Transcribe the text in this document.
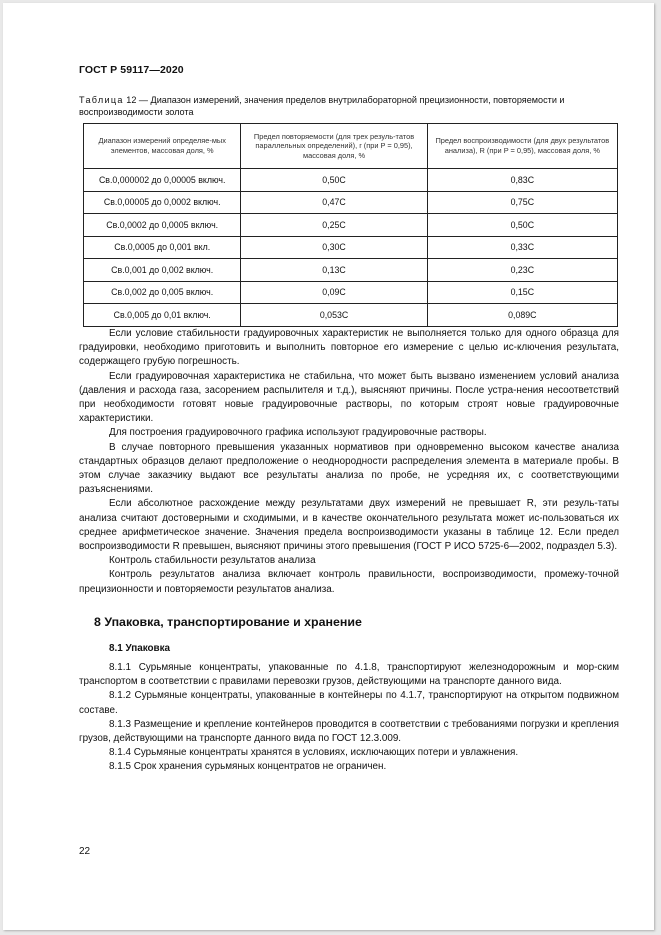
ГОСТ Р 59117—2020
Таблица 12 — Диапазон измерений, значения пределов внутрилабораторной прецизионности, повторяемости и воспроизводимости золота
Диапазон измерений определяе-мых элементов, массовая доля, %	Предел повторяемости (для трех резуль-татов параллельных определений), r (при P = 0,95), массовая доля, %	Предел воспроизводимости (для двух результатов анализа), R (при P = 0,95), массовая доля, %
Св.0,000002 до 0,00005 включ.	0,50С	0,83С
Св.0,00005 до 0,0002 включ.	0,47С	0,75С
Св.0,0002 до 0,0005 включ.	0,25С	0,50С
Св.0,0005 до 0,001 вкл.	0,30С	0,33С
Св.0,001 до 0,002 включ.	0,13С	0,23С
Св.0,002 до 0,005 включ.	0,09С	0,15С
Св.0,005 до 0,01 включ.	0,053С	0,089С

Если условие стабильности градуировочных характеристик не выполняется только для одного образца для градуировки, необходимо приготовить и выполнить повторное его измерение с целью ис-ключения результата, содержащего грубую погрешность.

Если градуировочная характеристика не стабильна, что может быть вызвано изменением условий анализа (давления и расхода газа, засорением распылителя и т.д.), выясняют причины. После устра-нения несоответствий при необходимости готовят новые градуировочные растворы, по которым строят новые градуировочные характеристики.

Для построения градуировочного графика используют градуировочные растворы.

В случае повторного превышения указанных нормативов при одновременно высоком качестве анализа стандартных образцов делают предположение о неоднородности распределения элемента в материале пробы. В этом случае заказчику выдают все результаты анализа по пробе, не усредняя их, с соответствующими разъяснениями.

Если абсолютное расхождение между результатами двух измерений не превышает R, эти резуль-таты анализа считают достоверными и сходимыми, и в качестве окончательного результата может ис-пользоваться их среднее арифметическое значение. Значения предела воспроизводимости указаны в таблице 12. Если предел воспроизводимости R превышен, выясняют причины этого превышения (ГОСТ Р ИСО 5725-6—2002, подраздел 5.3).

Контроль стабильности результатов анализа

Контроль результатов анализа включает контроль правильности, воспроизводимости, промежу-точной прецизионности и повторяемости результатов анализа.

8 Упаковка, транспортирование и хранение
8.1 Упаковка

8.1.1 Сурьмяные концентраты, упакованные по 4.1.8, транспортируют железнодорожным и мор-ским транспортом в соответствии с правилами перевозки грузов, действующими на транспорте данного вида.

8.1.2 Сурьмяные концентраты, упакованные в контейнеры по 4.1.7, транспортируют на открытом подвижном составе.

8.1.3 Размещение и крепление контейнеров проводится в соответствии с требованиями погрузки и крепления грузов, действующими на транспорте данного вида по ГОСТ 12.3.009.

8.1.4 Сурьмяные концентраты хранятся в условиях, исключающих потери и увлажнения.

8.1.5 Срок хранения сурьмяных концентратов не ограничен.

22
